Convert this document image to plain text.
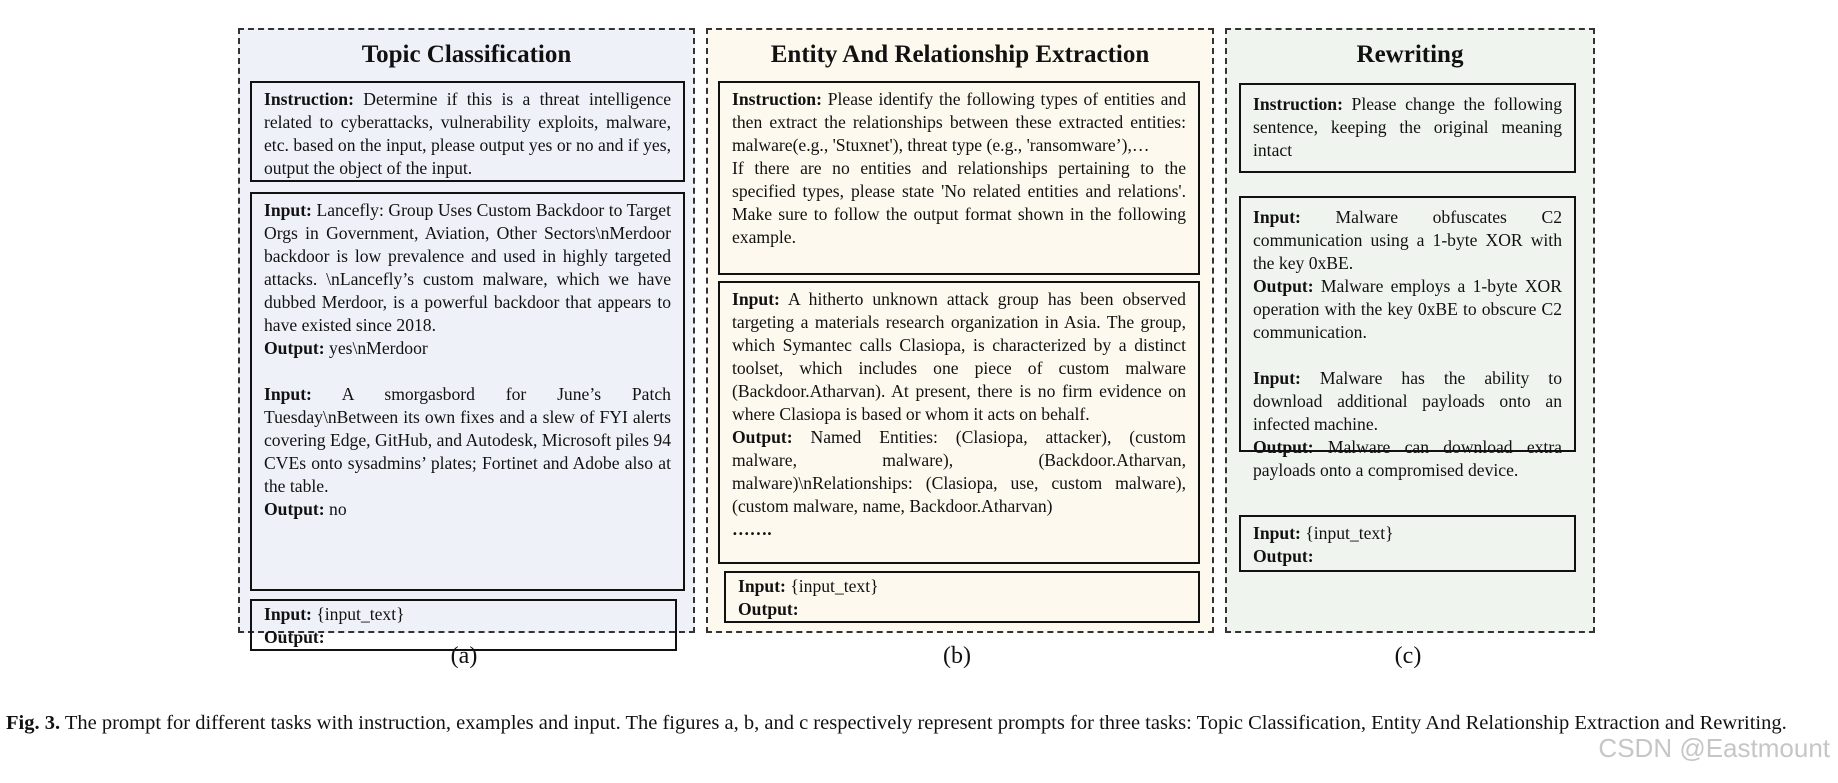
Topic Classification

Instruction: Determine if this is a threat intelligence related to cyberattacks, vulnerability exploits, malware, etc. based on the input, please output yes or no and if yes, output the object of the input.

Input: Lancefly: Group Uses Custom Backdoor to Target Orgs in Government, Aviation, Other Sectors\nMerdoor backdoor is low prevalence and used in highly targeted attacks. \nLancefly’s custom malware, which we have dubbed Merdoor, is a powerful backdoor that appears to have existed since 2018.

Output: yes\nMerdoor

Input: A smorgasbord for June’s Patch Tuesday\nBetween its own fixes and a slew of FYI alerts covering Edge, GitHub, and Autodesk, Microsoft piles 94 CVEs onto sysadmins’ plates; Fortinet and Adobe also at the table.

Output: no

Input: {input_text}

Output:

Entity And Relationship Extraction

Instruction: Please identify the following types of entities and then extract the relationships between these extracted entities: malware(e.g., 'Stuxnet'), threat type (e.g., 'ransomware’),…

If there are no entities and relationships pertaining to the specified types, please state 'No related entities and relations'. Make sure to follow the output format shown in the following example.

Input: A hitherto unknown attack group has been observed targeting a materials research organization in Asia. The group, which Symantec calls Clasiopa, is characterized by a distinct toolset, which includes one piece of custom malware (Backdoor.Atharvan). At present, there is no firm evidence on where Clasiopa is based or whom it acts on behalf.

Output: Named Entities: (Clasiopa, attacker), (custom malware, malware), (Backdoor.Atharvan, malware)\nRelationships: (Clasiopa, use, custom malware), (custom malware, name, Backdoor.Atharvan)

…….

Input: {input_text}

Output:

Rewriting

Instruction: Please change the following sentence, keeping the original meaning intact

Input: Malware obfuscates C2 communication using a 1-byte XOR with the key 0xBE.

Output: Malware employs a 1-byte XOR operation with the key 0xBE to obscure C2 communication.

Input: Malware has the ability to download additional payloads onto an infected machine.

Output: Malware can download extra payloads onto a compromised device.

Input: {input_text}

Output:

(a)	(b)	(c)
Fig. 3. The prompt for different tasks with instruction, examples and input. The figures a, b, and c respectively represent prompts for three tasks: Topic Classification, Entity And Relationship Extraction and Rewriting.
CSDN @Eastmount
